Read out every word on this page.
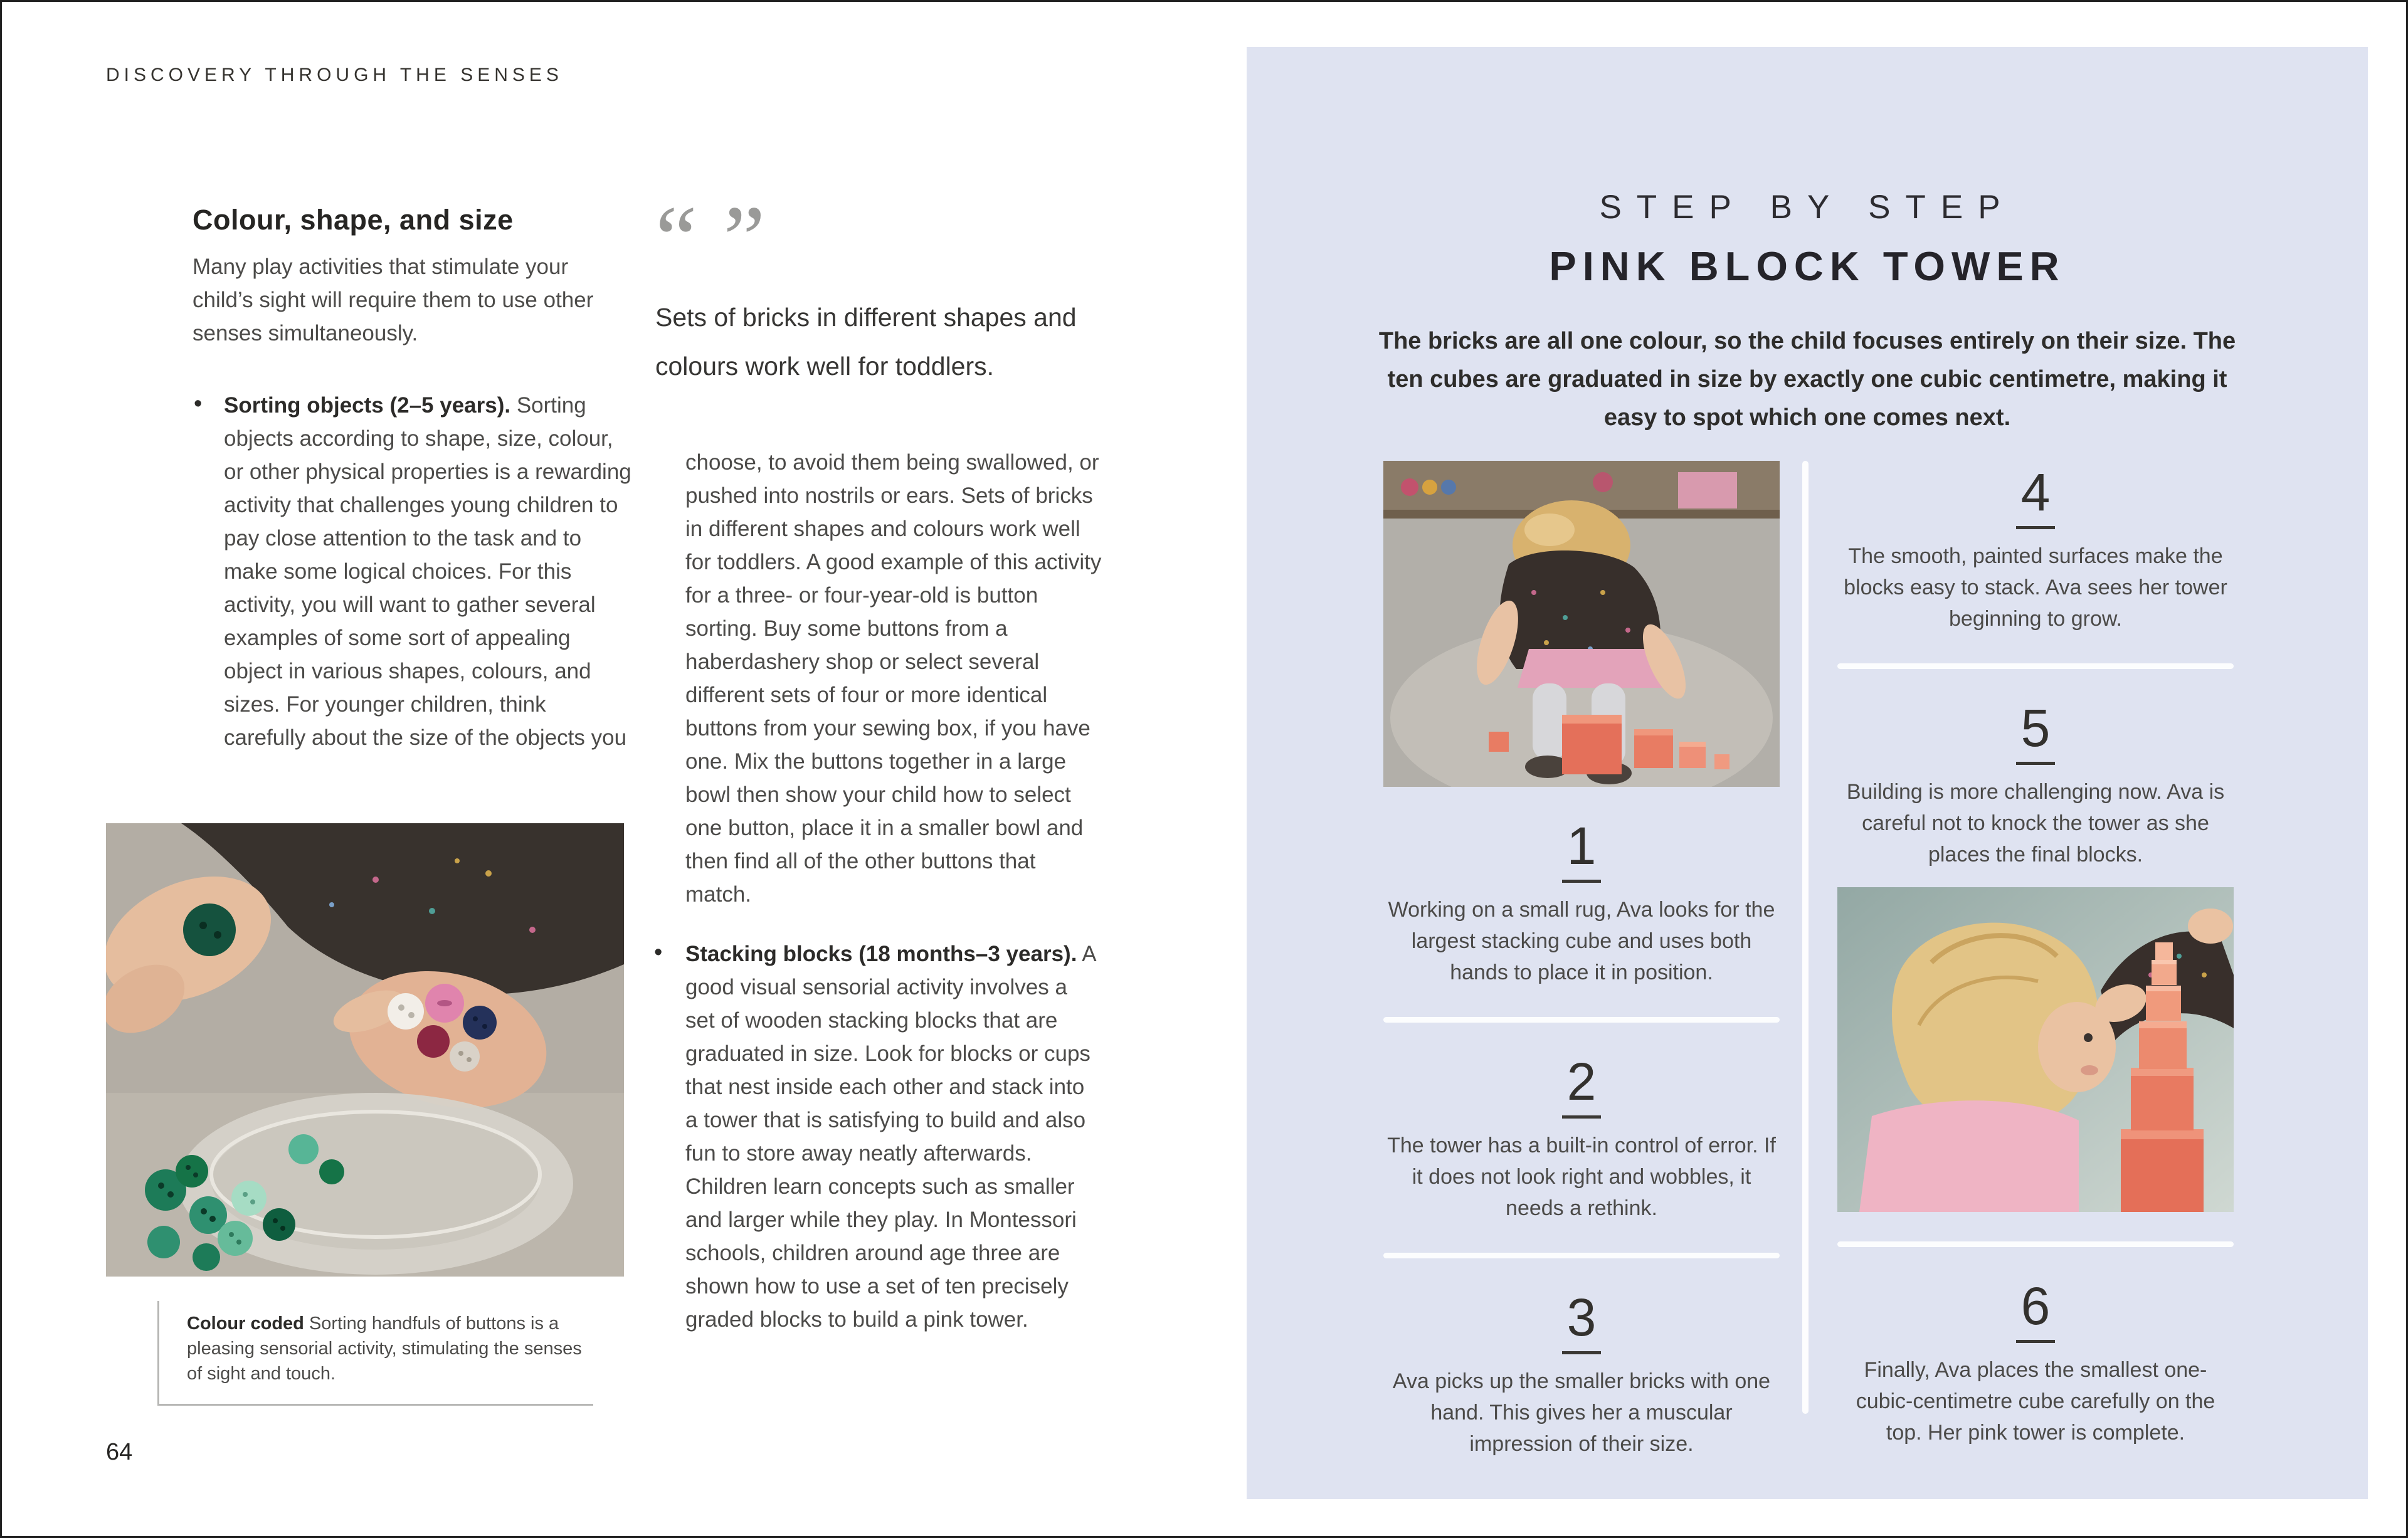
DISCOVERY THROUGH THE SENSES
Colour, shape, and size

Many play activities that stimulate your child’s sight will require them to use other senses simultaneously.

• Sorting objects (2–5 years). Sorting objects according to shape, size, colour, or other physical properties is a rewarding activity that challenges young children to pay close attention to the task and to make some logical choices. For this activity, you will want to gather several examples of some sort of appealing object in various shapes, colours, and sizes. For younger children, think carefully about the size of the objects you
Colour coded Sorting handfuls of buttons is a pleasing sensorial activity, stimulating the senses of sight and touch.
64
“ ”

Sets of bricks in different shapes and colours work well for toddlers.

choose, to avoid them being swallowed, or pushed into nostrils or ears. Sets of bricks in different shapes and colours work well for toddlers. A good example of this activity for a three- or four-year-old is button sorting. Buy some buttons from a haberdashery shop or select several different sets of four or more identical buttons from your sewing box, if you have one. Mix the buttons together in a large bowl then show your child how to select one button, place it in a smaller bowl and then find all of the other buttons that match.
• Stacking blocks (18 months–3 years). A good visual sensorial activity involves a set of wooden stacking blocks that are graduated in size. Look for blocks or cups that nest inside each other and stack into a tower that is satisfying to build and also fun to store away neatly afterwards. Children learn concepts such as smaller and larger while they play. In Montessori schools, children around age three are shown how to use a set of ten precisely graded blocks to build a pink tower.
STEP BY STEP
PINK BLOCK TOWER

The bricks are all one colour, so the child focuses entirely on their size. The ten cubes are graduated in size by exactly one cubic centimetre, making it easy to spot which one comes next.

1

Working on a small rug, Ava looks for the largest stacking cube and uses both hands to place it in position.

2

The tower has a built-in control of error. If it does not look right and wobbles, it needs a rethink.

3

Ava picks up the smaller bricks with one hand. This gives her a muscular impression of their size.

4

The smooth, painted surfaces make the blocks easy to stack. Ava sees her tower beginning to grow.

5

Building is more challenging now. Ava is careful not to knock the tower as she places the final blocks.

6

Finally, Ava places the smallest one-cubic-centimetre cube carefully on the top. Her pink tower is complete.
